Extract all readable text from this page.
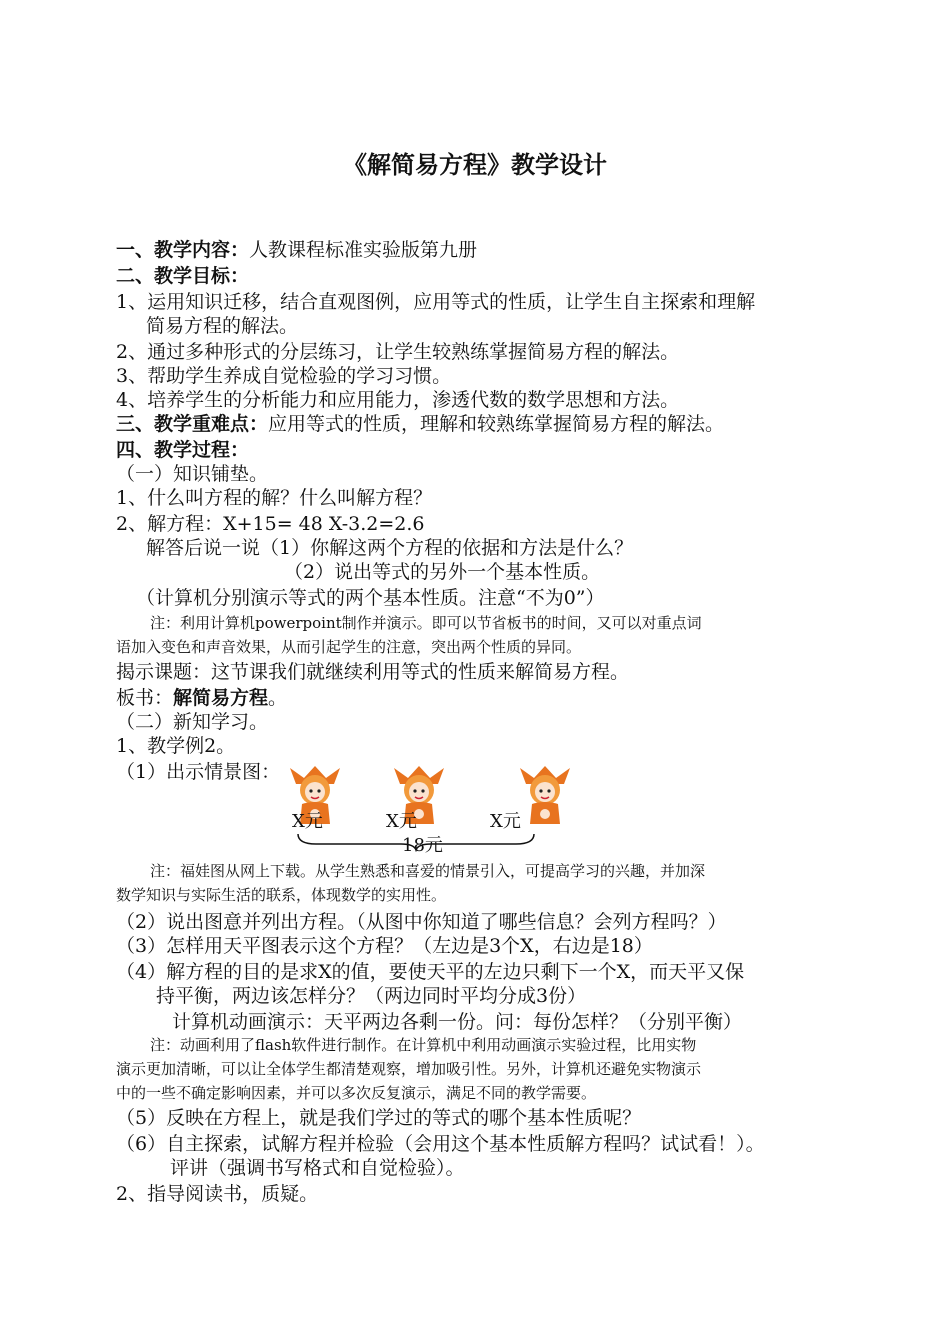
《解简易方程》教学设计
一、教学内容：人教课程标准实验版第九册
二、教学目标：
1、运用知识迁移，结合直观图例，应用等式的性质，让学生自主探索和理解
简易方程的解法。
2、通过多种形式的分层练习，让学生较熟练掌握简易方程的解法。
3、帮助学生养成自觉检验的学习习惯。
4、培养学生的分析能力和应用能力，渗透代数的数学思想和方法。
三、教学重难点：应用等式的性质，理解和较熟练掌握简易方程的解法。
四、教学过程：
（一）知识铺垫。
1、什么叫方程的解？什么叫解方程？
2、解方程：X+15= 48 X-3.2=2.6
解答后说一说（1）你解这两个方程的依据和方法是什么？
（2）说出等式的另外一个基本性质。
（计算机分别演示等式的两个基本性质。注意“不为0”）
注：利用计算机powerpoint制作并演示。即可以节省板书的时间，又可以对重点词
语加入变色和声音效果，从而引起学生的注意，突出两个性质的异同。
揭示课题：这节课我们就继续利用等式的性质来解简易方程。
板书：解简易方程。
（二）新知学习。
1、教学例2。
（1）出示情景图：
X元	X元	X元
18元
注：福娃图从网上下载。从学生熟悉和喜爱的情景引入，可提高学习的兴趣，并加深
数学知识与实际生活的联系，体现数学的实用性。
（2）说出图意并列出方程。（从图中你知道了哪些信息？会列方程吗？）
（3）怎样用天平图表示这个方程？（左边是3个X，右边是18）
（4）解方程的目的是求X的值，要使天平的左边只剩下一个X，而天平又保
持平衡，两边该怎样分？（两边同时平均分成3份）
计算机动画演示：天平两边各剩一份。问：每份怎样？（分别平衡）
注：动画利用了flash软件进行制作。在计算机中利用动画演示实验过程，比用实物
演示更加清晰，可以让全体学生都清楚观察，增加吸引性。另外，计算机还避免实物演示
中的一些不确定影响因素，并可以多次反复演示，满足不同的教学需要。
（5）反映在方程上，就是我们学过的等式的哪个基本性质呢？
（6）自主探索，试解方程并检验（会用这个基本性质解方程吗？试试看！）。
评讲（强调书写格式和自觉检验）。
2、指导阅读书，质疑。
